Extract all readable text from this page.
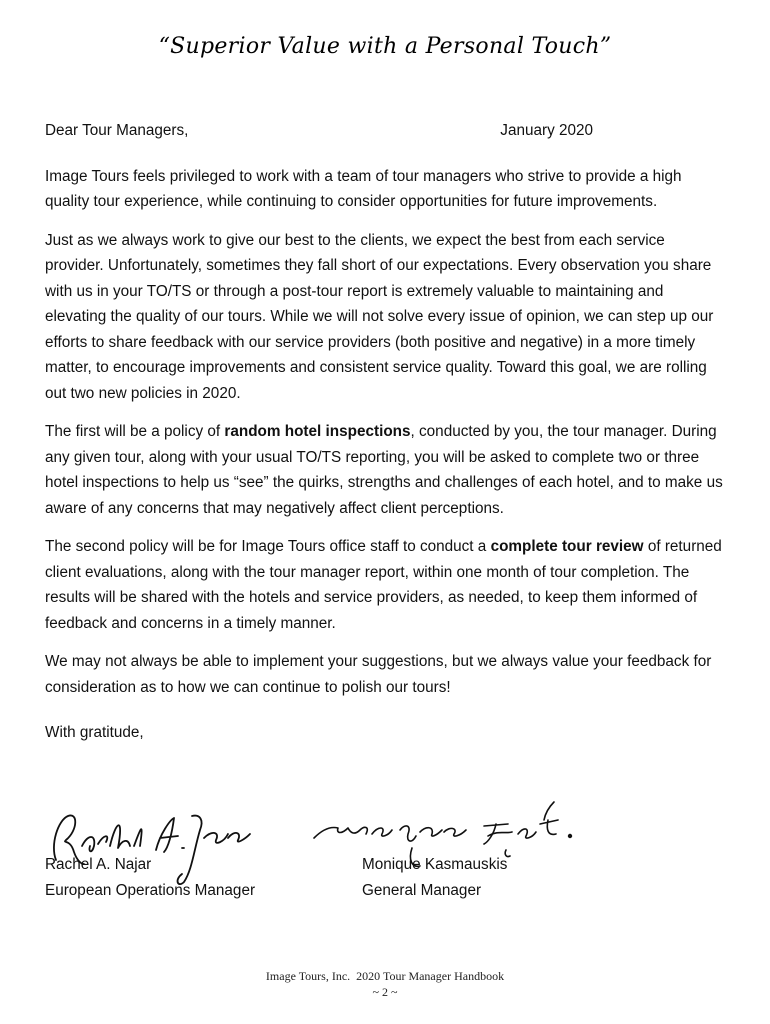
“Superior Value with a Personal Touch”
Dear Tour Managers,	January 2020

Image Tours feels privileged to work with a team of tour managers who strive to provide a high quality tour experience, while continuing to consider opportunities for future improvements.

Just as we always work to give our best to the clients, we expect the best from each service provider. Unfortunately, sometimes they fall short of our expectations. Every observation you share with us in your TO/TS or through a post-tour report is extremely valuable to maintaining and elevating the quality of our tours. While we will not solve every issue of opinion, we can step up our efforts to share feedback with our service providers (both positive and negative) in a more timely matter, to encourage improvements and consistent service quality. Toward this goal, we are rolling out two new policies in 2020.

The first will be a policy of random hotel inspections, conducted by you, the tour manager. During any given tour, along with your usual TO/TS reporting, you will be asked to complete two or three hotel inspections to help us “see” the quirks, strengths and challenges of each hotel, and to make us aware of any concerns that may negatively affect client perceptions.

The second policy will be for Image Tours office staff to conduct a complete tour review of returned client evaluations, along with the tour manager report, within one month of tour completion. The results will be shared with the hotels and service providers, as needed, to keep them informed of feedback and concerns in a timely manner.

We may not always be able to implement your suggestions, but we always value your feedback for consideration as to how we can continue to polish our tours!

With gratitude,
Rachel A. Najar
European Operations Manager
Monique Kasmauskis
General Manager
Image Tours, Inc.  2020 Tour Manager Handbook
~ 2 ~
